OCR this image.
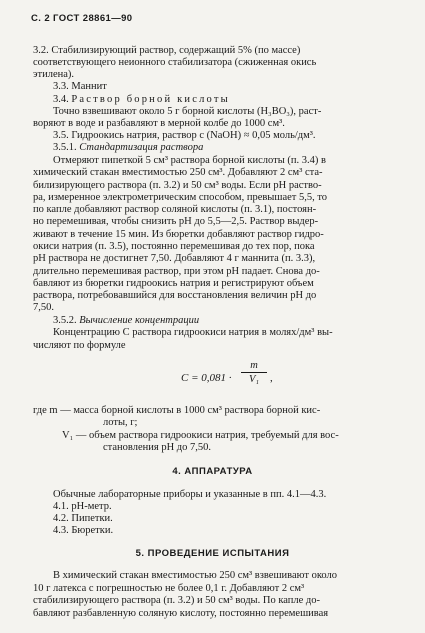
С. 2 ГОСТ 28861—90
3.2. Стабилизирующий раствор, содержащий 5% (по массе)
соответствующего неионного стабилизатора (сжиженная окись
этилена).
3.3. Маннит
3.4. Раствор борной кислоты
Точно взвешивают около 5 г борной кислоты (H₃BO₃), раст-
воряют в воде и разбавляют в мерной колбе до 1000 см³.
3.5. Гидроокись натрия, раствор c (NaOH) ≈ 0,05 моль/дм³.
3.5.1. Стандартизация раствора
Отмеряют пипеткой 5 см³ раствора борной кислоты (п. 3.4) в
химический стакан вместимостью 250 см³. Добавляют 2 см³ ста-
билизирующего раствора (п. 3.2) и 50 см³ воды. Если pH раство-
ра, измеренное электрометрическим способом, превышает 5,5, то
по капле добавляют раствор соляной кислоты (п. 3.1), постоян-
но перемешивая, чтобы снизить pH до 5,5—2,5. Раствор выдер-
живают в течение 15 мин. Из бюретки добавляют раствор гидро-
окиси натрия (п. 3.5), постоянно перемешивая до тех пор, пока
pH раствора не достигнет 7,50. Добавляют 4 г маннита (п. 3.3),
длительно перемешивая раствор, при этом pH падает. Снова до-
бавляют из бюретки гидроокись натрия и регистрируют объем
раствора, потребовавшийся для восстановления величин pH до
7,50.
3.5.2. Вычисление концентрации
Концентрацию C раствора гидроокиси натрия в молях/дм³ вы-
числяют по формуле
C = 0,081 ·
m
V₁ ,
где m — масса борной кислоты в 1000 см³ раствора борной кис-
лоты, г;
V₁ — объем раствора гидроокиси натрия, требуемый для вос-
становления pH до 7,50.
4. АППАРАТУРА
Обычные лабораторные приборы и указанные в пп. 4.1—4.3.
4.1. pH-метр.
4.2. Пипетки.
4.3. Бюретки.
5. ПРОВЕДЕНИЕ ИСПЫТАНИЯ
В химический стакан вместимостью 250 см³ взвешивают около
10 г латекса с погрешностью не более 0,1 г. Добавляют 2 см³
стабилизирующего раствора (п. 3.2) и 50 см³ воды. По капле до-
бавляют разбавленную соляную кислоту, постоянно перемешивая
